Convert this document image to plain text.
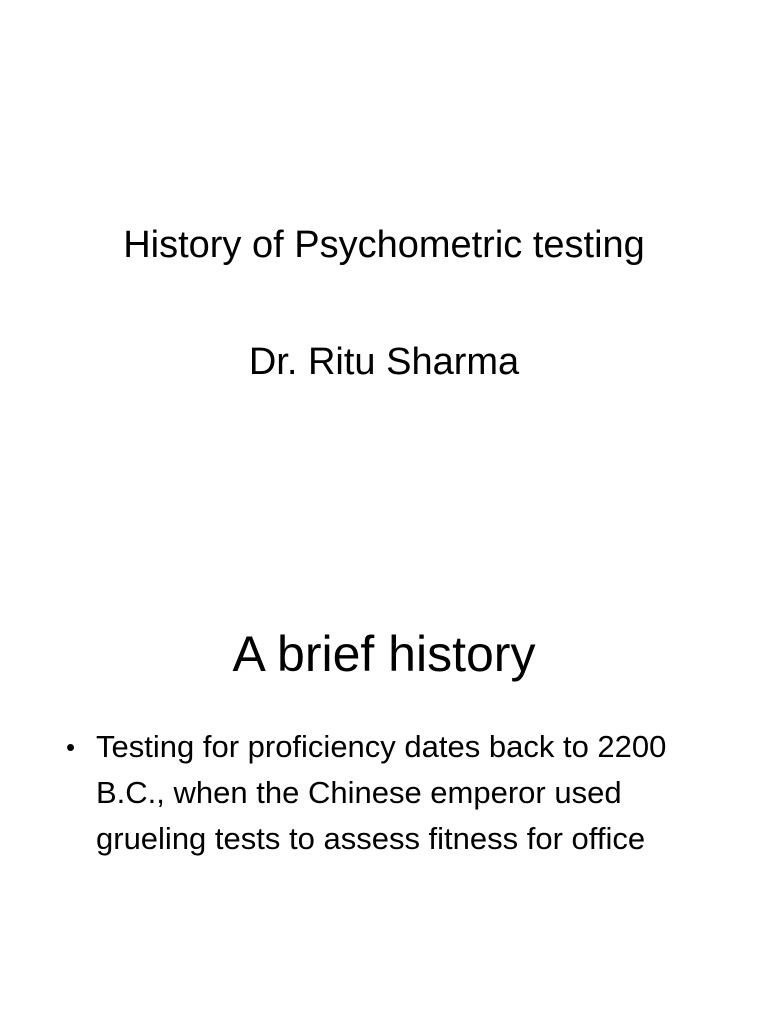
History of Psychometric testing
Dr. Ritu Sharma
A brief history
• Testing for proficiency dates back to 2200 B.C., when the Chinese emperor used grueling tests to assess fitness for office
